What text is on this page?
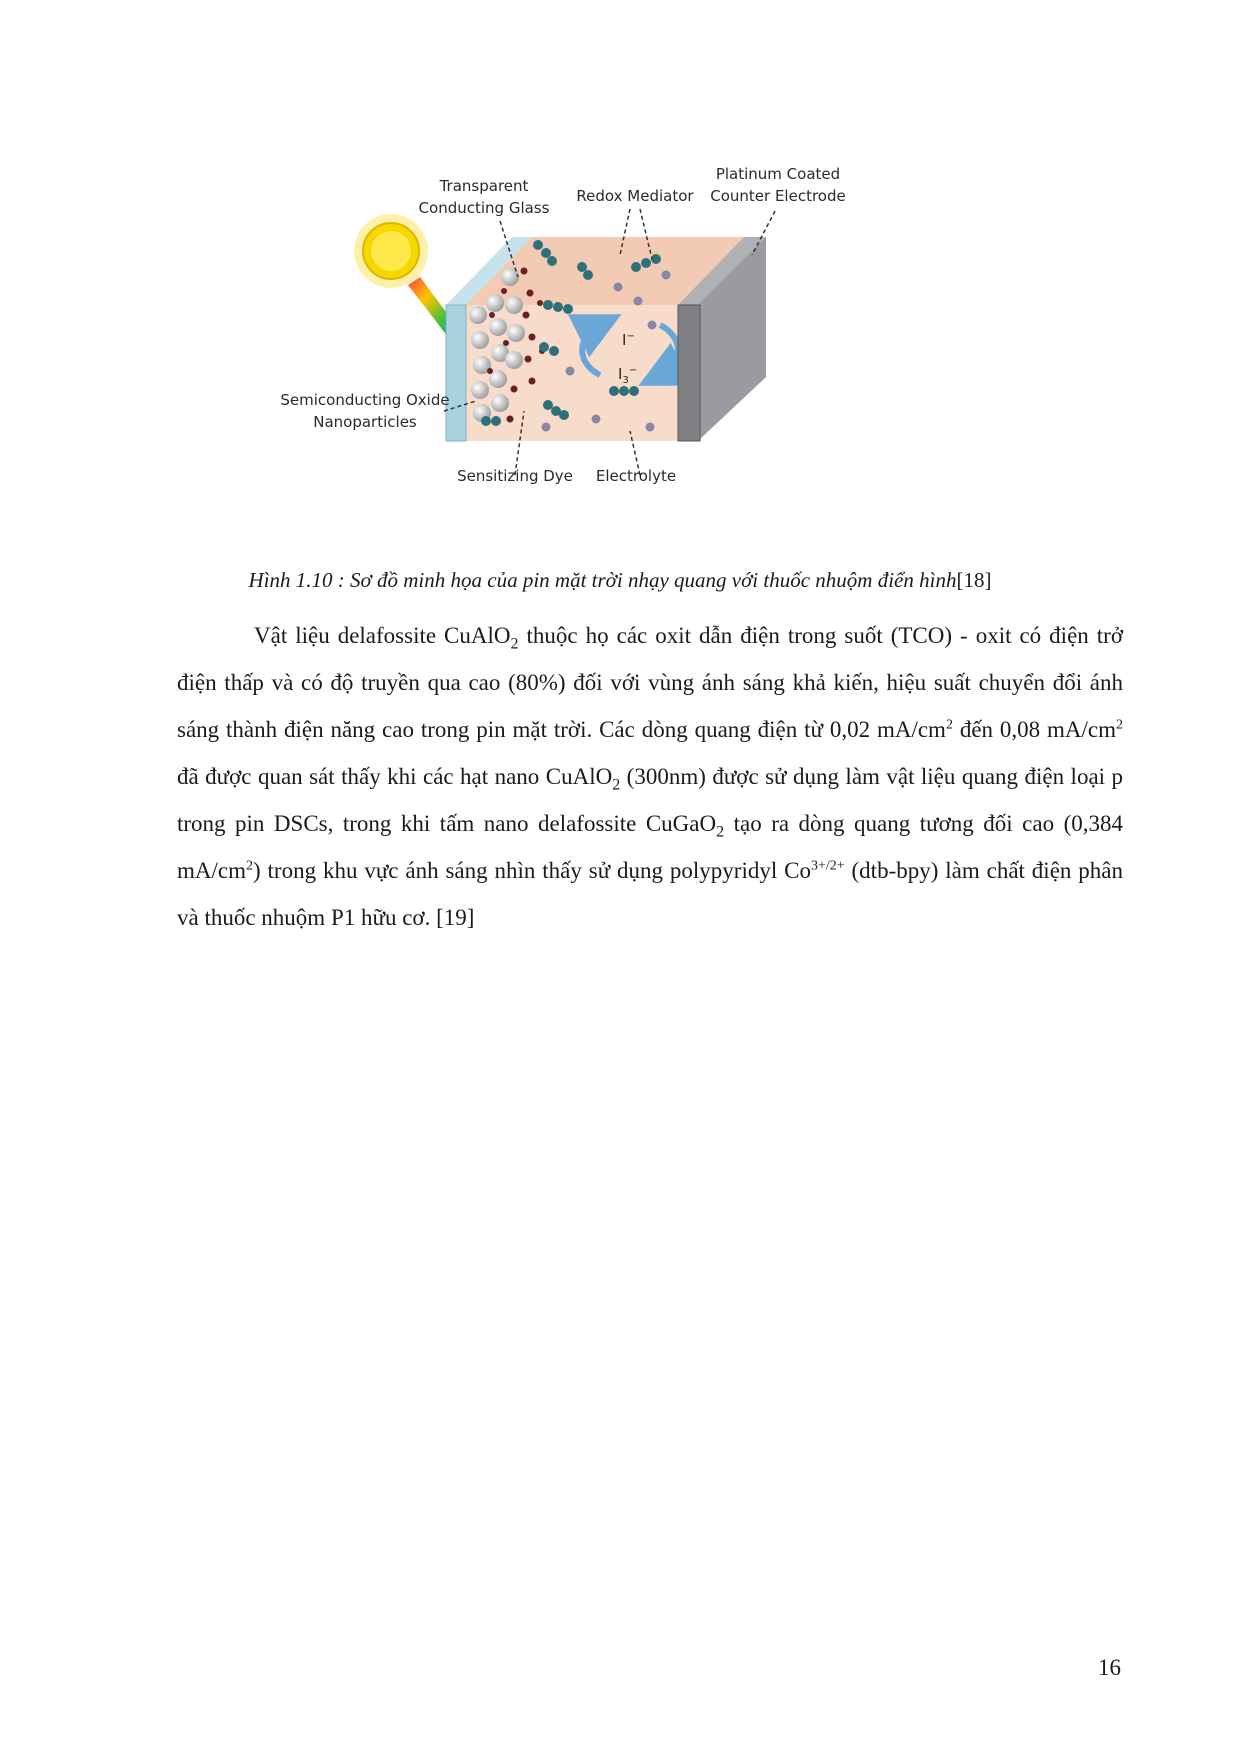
I−
$I_3^-$
Transparent
Conducting Glass
Redox Mediator
Platinum Coated
Counter Electrode
Semiconducting Oxide
Nanoparticles
Sensitizing Dye Electrolyte
Hình 1.10 : Sơ đồ minh họa của pin mặt trời nhạy quang với thuốc nhuộm điển hình[18]

Vật liệu delafossite CuAlO$_2$ thuộc họ các oxit dẫn điện trong suốt (TCO) - oxit có điện trở điện thấp và có độ truyền qua cao (80%) đối với vùng ánh sáng khả kiến, hiệu suất chuyển đổi ánh sáng thành điện năng cao trong pin mặt trời. Các dòng quang điện từ 0,02 $mA/cm^2$ đến 0,08 $mA/cm^2$ đã được quan sát thấy khi các hạt nano CuAlO$_2$ (300nm) được sử dụng làm vật liệu quang điện loại p trong pin DSCs, trong khi tấm nano delafossite CuGaO$_2$ tạo ra dòng quang tương đối cao (0,384 $mA/cm^2$) trong khu vực ánh sáng nhìn thấy sử dụng polypyridyl $Co^{3+/2+}$ (dtb-bpy) làm chất điện phân và thuốc nhuộm P1 hữu cơ. [19]

16
